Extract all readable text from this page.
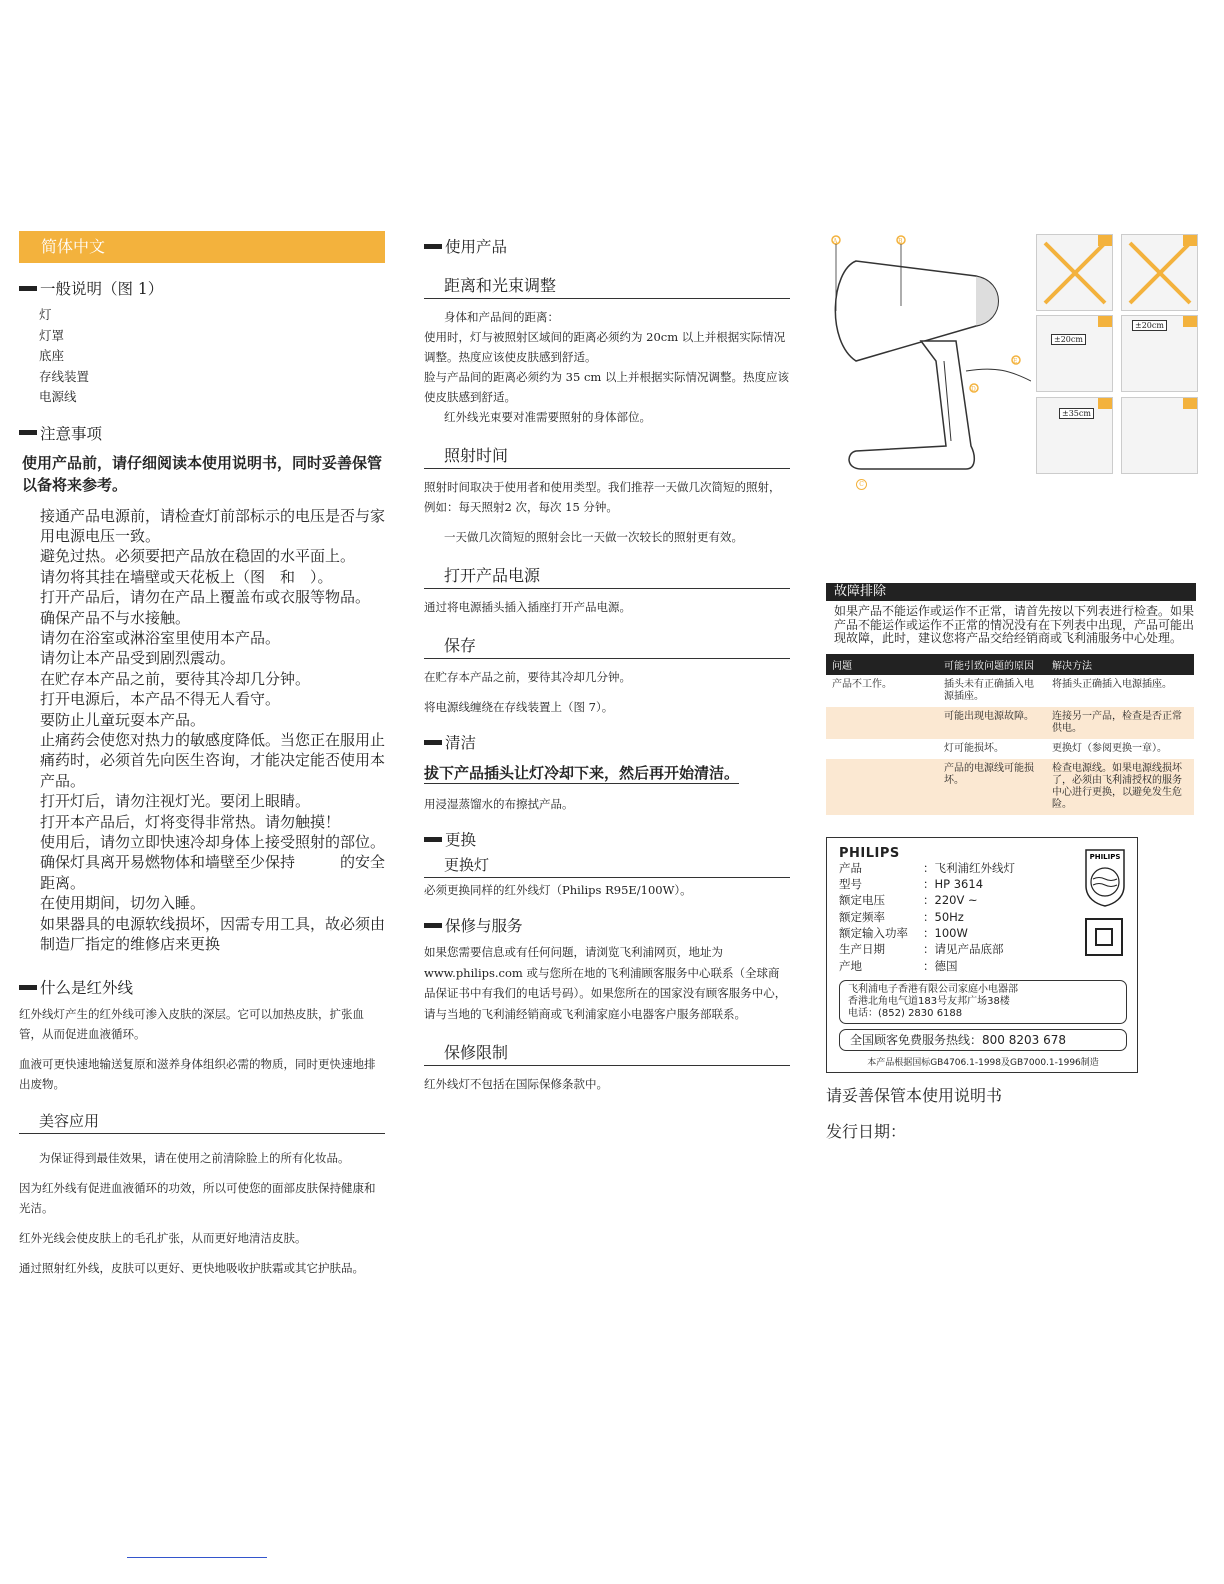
简体中文
一般说明（图 1）
灯
灯罩
底座
存线装置
电源线
注意事项
使用产品前，请仔细阅读本使用说明书，同时妥善保管以备将来参考。
接通产品电源前，请检查灯前部标示的电压是否与家用电源电压一致。
避免过热。必须要把产品放在稳固的水平面上。
请勿将其挂在墙壁或天花板上（图　和　）。
打开产品后，请勿在产品上覆盖布或衣服等物品。
确保产品不与水接触。
请勿在浴室或淋浴室里使用本产品。
请勿让本产品受到剧烈震动。
在贮存本产品之前，要待其冷却几分钟。
打开电源后，本产品不得无人看守。
要防止儿童玩耍本产品。
止痛药会使您对热力的敏感度降低。当您正在服用止痛药时，必须首先向医生咨询，才能决定能否使用本产品。
打开灯后，请勿注视灯光。要闭上眼睛。
打开本产品后，灯将变得非常热。请勿触摸！
使用后，请勿立即快速冷却身体上接受照射的部位。
确保灯具离开易燃物体和墙壁至少保持　　　的安全距离。
在使用期间，切勿入睡。
如果器具的电源软线损坏，因需专用工具，故必须由制造厂指定的维修店来更换
什么是红外线

红外线灯产生的红外线可渗入皮肤的深层。它可以加热皮肤，扩张血管，从而促进血液循环。

血液可更快速地输送复原和滋养身体组织必需的物质，同时更快速地排出废物。

美容应用

为保证得到最佳效果，请在使用之前清除脸上的所有化妆品。

因为红外线有促进血液循环的功效，所以可使您的面部皮肤保持健康和光洁。

红外光线会使皮肤上的毛孔扩张，从而更好地清洁皮肤。

通过照射红外线，皮肤可以更好、更快地吸收护肤霜或其它护肤品。

使用产品
距离和光束调整

身体和产品间的距离：

使用时，灯与被照射区域间的距离必须约为 20cm 以上并根据实际情况调整。热度应该使皮肤感到舒适。

脸与产品间的距离必须约为 35 cm 以上并根据实际情况调整。热度应该使皮肤感到舒适。

红外线光束要对准需要照射的身体部位。

照射时间

照射时间取决于使用者和使用类型。我们推荐一天做几次简短的照射，例如：每天照射2 次，每次 15 分钟。

一天做几次简短的照射会比一天做一次较长的照射更有效。

打开产品电源

通过将电源插头插入插座打开产品电源。

保存

在贮存本产品之前，要待其冷却几分钟。

将电源线缠绕在存线装置上（图 7）。

清洁
拔下产品插头让灯冷却下来，然后再开始清洁。

用浸湿蒸馏水的布擦拭产品。

更换
更换灯

必须更换同样的红外线灯（Philips R95E/100W）。

保修与服务

如果您需要信息或有任何问题，请浏览飞利浦网页，地址为 www.philips.com 或与您所在地的飞利浦顾客服务中心联系（全球商品保证书中有我们的电话号码）。如果您所在的国家没有顾客服务中心，请与当地的飞利浦经销商或飞利浦家庭小电器客户服务部联系。

保修限制

红外线灯不包括在国际保修条款中。

A	B
E
D
±20cm
±20cm
±35cm
C
故障排除
如果产品不能运作或运作不正常，请首先按以下列表进行检查。如果产品不能运作或运作不正常的情况没有在下列表中出现，产品可能出现故障，此时，建议您将产品交给经销商或飞利浦服务中心处理。
问题	可能引致问题的原因	解决方法
产品不工作。	插头未有正确插入电源插座。	将插头正确插入电源插座。
	可能出现电源故障。	连接另一产品，检查是否正常供电。
	灯可能损坏。	更换灯（参阅更换一章）。
	产品的电源线可能损坏。	检查电源线。如果电源线损坏了，必须由飞利浦授权的服务中心进行更换，以避免发生危险。
PHILIPS
产品	：飞利浦红外线灯
型号	：HP 3614
额定电压	：220V ~
额定频率	：50Hz
额定输入功率	：100W
生产日期	：请见产品底部
产地	：德国
PHILIPS
飞利浦电子香港有限公司家庭小电器部
香港北角电气道183号友邦广场38楼
电话：(852) 2830 6188
全国顾客免费服务热线：800 8203 678
本产品根据国标GB4706.1-1998及GB7000.1-1996制造
请妥善保管本使用说明书
发行日期：
